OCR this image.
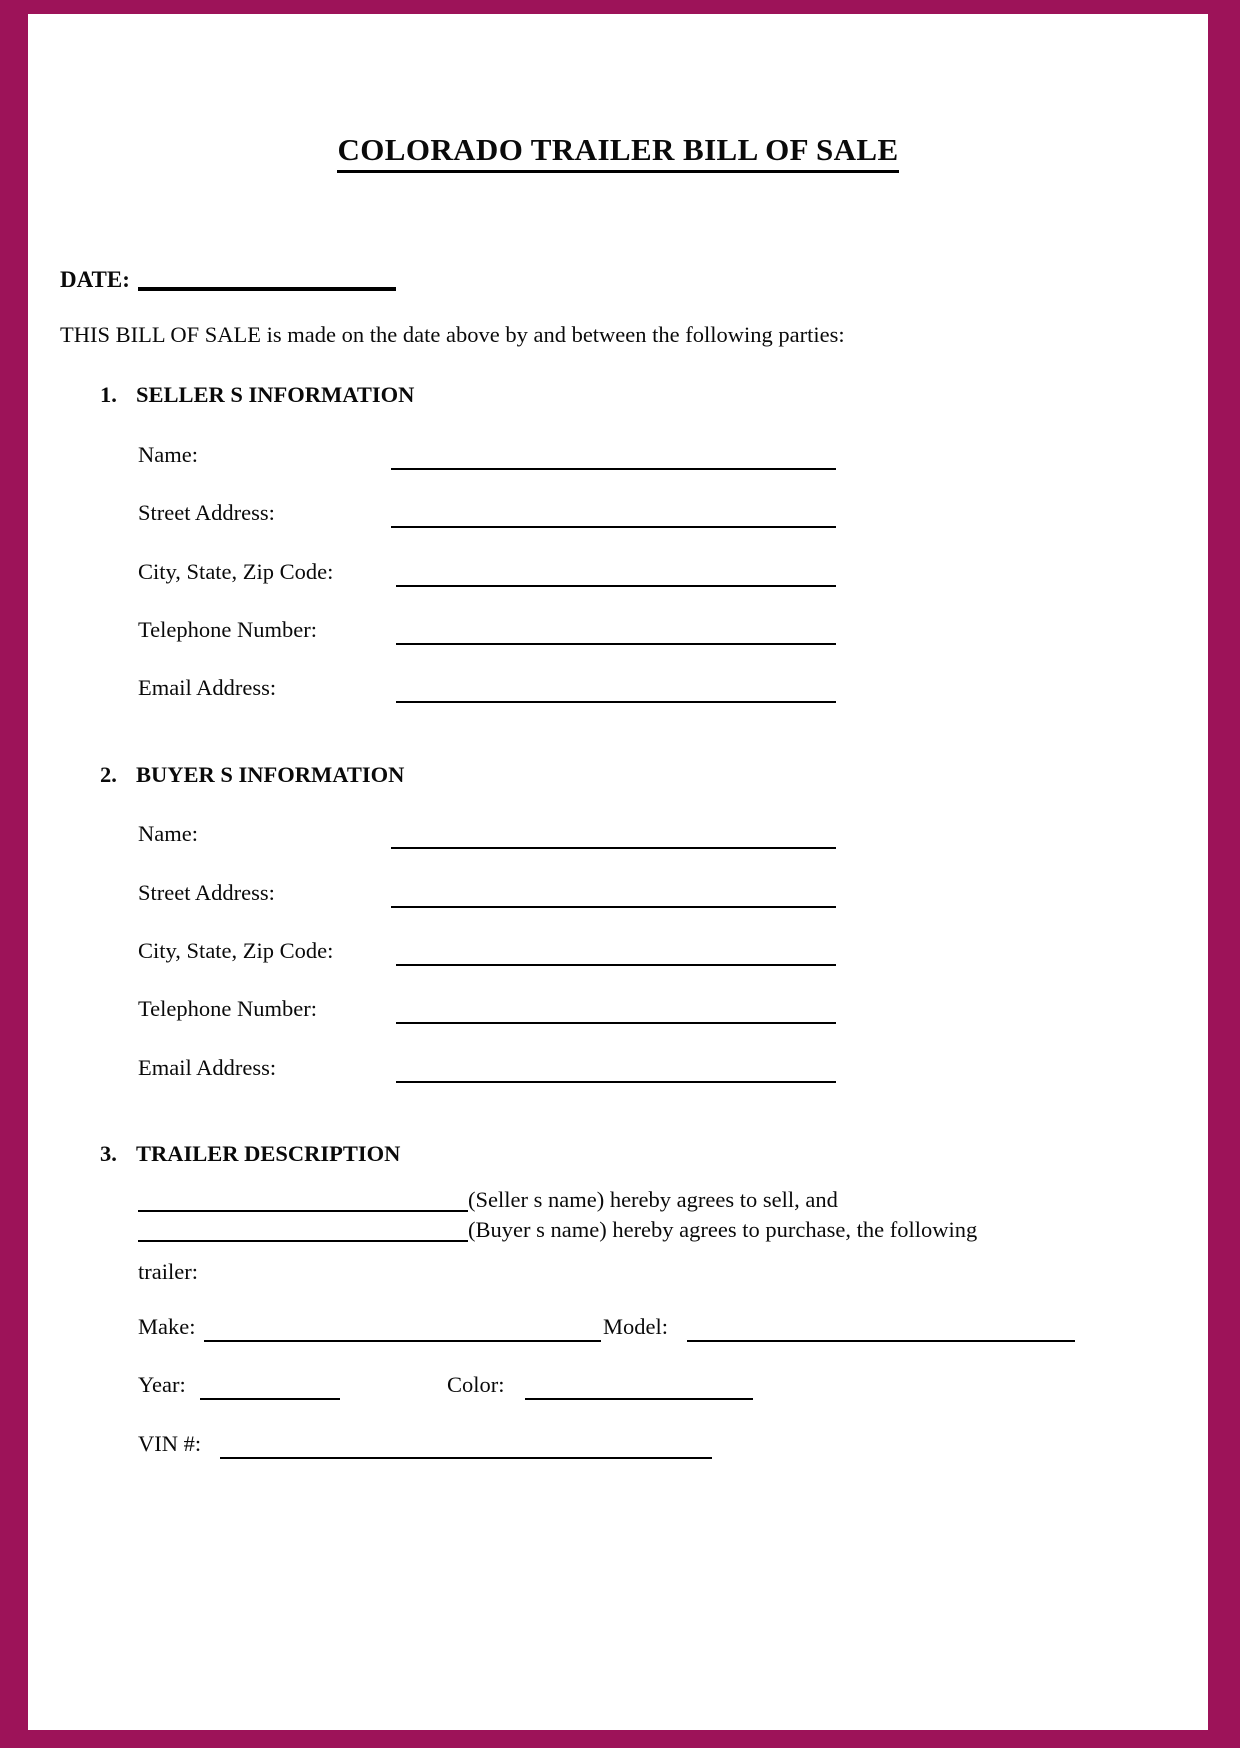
COLORADO TRAILER BILL OF SALE
DATE:
THIS BILL OF SALE is made on the date above by and between the following parties:
1. SELLER S INFORMATION
Name:
Street Address:
City, State, Zip Code:
Telephone Number:
Email Address:
2. BUYER S INFORMATION
Name:
Street Address:
City, State, Zip Code:
Telephone Number:
Email Address:
3. TRAILER DESCRIPTION
(Seller s name) hereby agrees to sell, and
(Buyer s name) hereby agrees to purchase, the following
trailer:
Make:	Model:
Year:	Color:
VIN #:
